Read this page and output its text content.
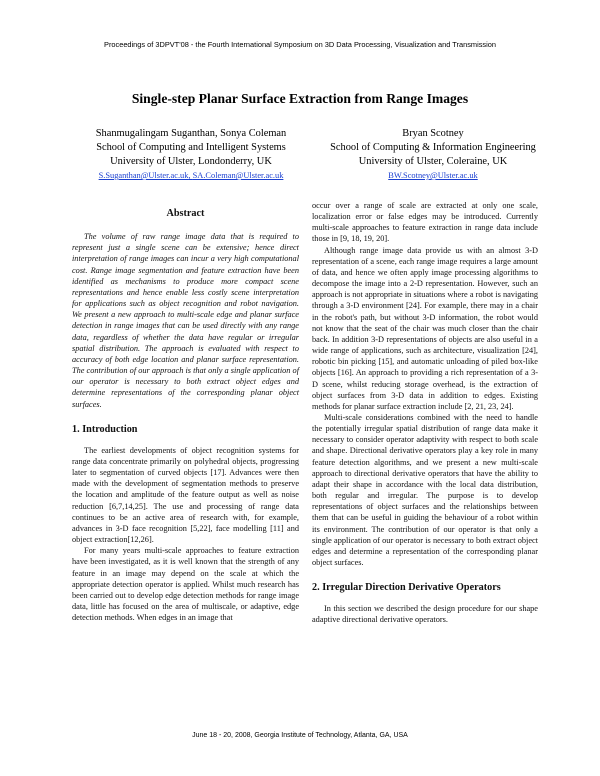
Proceedings of 3DPVT'08 - the Fourth International Symposium on 3D Data Processing, Visualization and Transmission
Single-step Planar Surface Extraction from Range Images
Shanmugalingam Suganthan, Sonya Coleman
School of Computing and Intelligent Systems
University of Ulster, Londonderry, UK
S.Suganthan@Ulster.ac.uk, SA.Coleman@Ulster.ac.uk
Bryan Scotney
School of Computing & Information Engineering
University of Ulster, Coleraine, UK
BW.Scotney@Ulster.ac.uk
Abstract

The volume of raw range image data that is required to represent just a single scene can be extensive; hence direct interpretation of range images can incur a very high computational cost. Range image segmentation and feature extraction have been identified as mechanisms to produce more compact scene representations and hence enable less costly scene interpretation for applications such as object recognition and robot navigation. We present a new approach to multi-scale edge and planar surface detection in range images that can be used directly with any range data, regardless of whether the data have regular or irregular spatial distribution. The approach is evaluated with respect to accuracy of both edge location and planar surface representation. The contribution of our approach is that only a single application of our operator is necessary to both extract object edges and determine representations of the corresponding planar object surfaces.

1. Introduction

The earliest developments of object recognition systems for range data concentrate primarily on polyhedral objects, progressing later to segmentation of curved objects [17]. Advances were then made with the development of segmentation methods to preserve the location and amplitude of the feature output as well as noise reduction [6,7,14,25]. The use and processing of range data continues to be an active area of research with, for example, advances in 3-D face recognition [5,22], face modelling [11] and object extraction[12,26].

For many years multi-scale approaches to feature extraction have been investigated, as it is well known that the strength of any feature in an image may depend on the scale at which the appropriate detection operator is applied. Whilst much research has been carried out to develop edge detection methods for range image data, little has focused on the area of multiscale, or adaptive, edge detection methods. When edges in an image that

occur over a range of scale are extracted at only one scale, localization error or false edges may be introduced. Currently multi-scale approaches to feature extraction in range data include those in [9, 18, 19, 20].

Although range image data provide us with an almost 3-D representation of a scene, each range image requires a large amount of data, and hence we often apply image processing algorithms to decompose the image into a 2-D representation. However, such an approach is not appropriate in situations where a robot is navigating through a 3-D environment [24]. For example, there may in a chair in the robot's path, but without 3-D information, the robot would not know that the seat of the chair was much closer than the chair back. In addition 3-D representations of objects are also useful in a wide range of applications, such as architecture, visualization [24], robotic bin picking [15], and automatic unloading of piled box-like objects [16]. An approach to providing a rich representation of a 3-D scene, whilst reducing storage overhead, is the extraction of object surfaces from 3-D data in addition to edges. Existing methods for planar surface extraction include [2, 21, 23, 24].

Multi-scale considerations combined with the need to handle the potentially irregular spatial distribution of range data make it necessary to consider operator adaptivity with respect to both scale and shape. Directional derivative operators play a key role in many feature detection algorithms, and we present a new multi-scale approach to directional derivative operators that have the ability to adapt their shape in accordance with the local data distribution, both regular and irregular. The purpose is to develop representations of object surfaces and the relationships between them that can be useful in guiding the behaviour of a robot within its environment. The contribution of our operator is that only a single application of our operator is necessary to both extract object edges and determine a representation of the corresponding planar object surfaces.

2. Irregular Direction Derivative Operators

In this section we described the design procedure for our shape adaptive directional derivative operators.

June 18 - 20, 2008, Georgia Institute of Technology, Atlanta, GA, USA
